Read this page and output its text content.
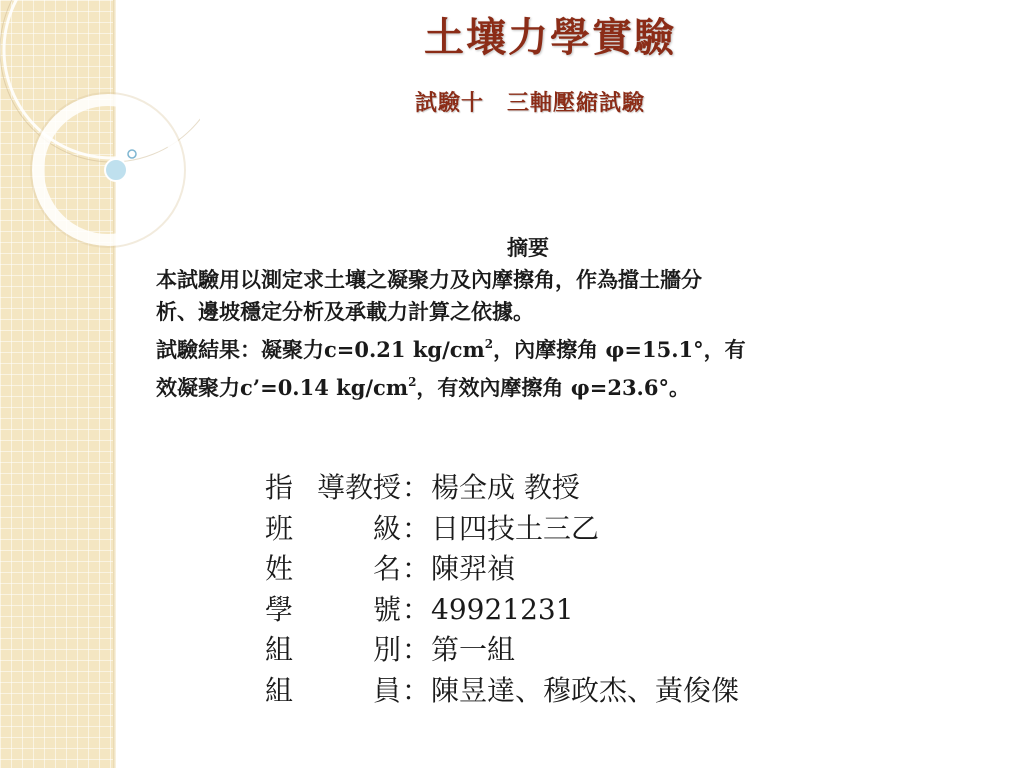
土壤力學實驗
試驗十　三軸壓縮試驗
摘要
本試驗用以測定求土壤之凝聚力及內摩擦角，作為擋土牆分
析、邊坡穩定分析及承載力計算之依據。
試驗結果：凝聚力c=0.21 $kg/cm^2$，內摩擦角 φ=15.1°，有
效凝聚力c’=0.14 $kg/cm^2$，有效內摩擦角 φ=23.6°。
指 導教授 ： 楊全成 教授
班	級 ： 日四技土三乙
姓	名 ： 陳羿禎
學	號 ： 49921231
組	別 ： 第一組
組	員 ： 陳昱達、穆政杰、黃俊傑
